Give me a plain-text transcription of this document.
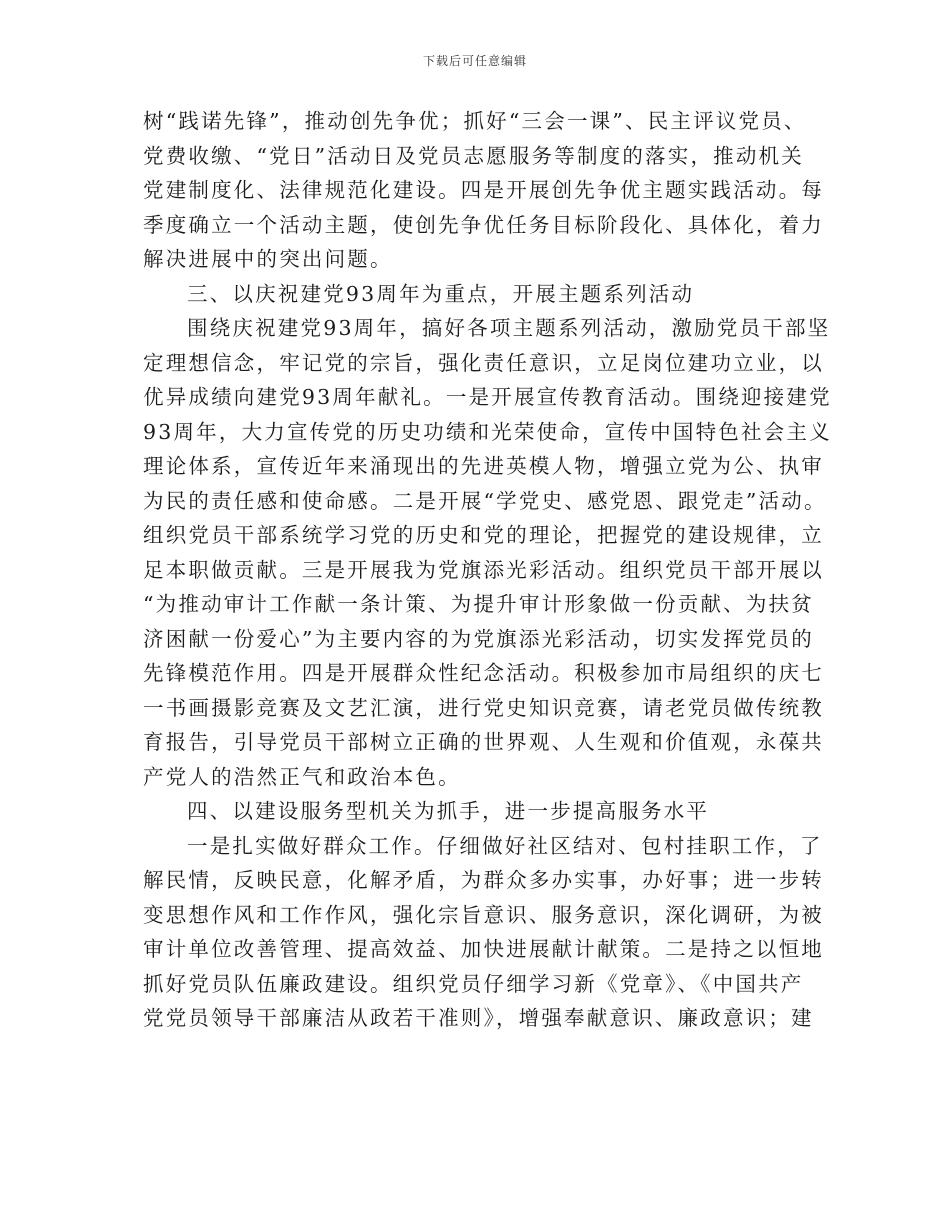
下载后可任意编辑
树“践诺先锋”，推动创先争优；抓好“三会一课”、民主评议党员、
党费收缴、“党日”活动日及党员志愿服务等制度的落实，推动机关
党建制度化、法律规范化建设。四是开展创先争优主题实践活动。每
季度确立一个活动主题，使创先争优任务目标阶段化、具体化，着力
解决进展中的突出问题。
三、以庆祝建党93周年为重点，开展主题系列活动
围绕庆祝建党93周年，搞好各项主题系列活动，激励党员干部坚
定理想信念，牢记党的宗旨，强化责任意识，立足岗位建功立业，以
优异成绩向建党93周年献礼。一是开展宣传教育活动。围绕迎接建党
93周年，大力宣传党的历史功绩和光荣使命，宣传中国特色社会主义
理论体系，宣传近年来涌现出的先进英模人物，增强立党为公、执审
为民的责任感和使命感。二是开展“学党史、感党恩、跟党走”活动。
组织党员干部系统学习党的历史和党的理论，把握党的建设规律，立
足本职做贡献。三是开展我为党旗添光彩活动。组织党员干部开展以
“为推动审计工作献一条计策、为提升审计形象做一份贡献、为扶贫
济困献一份爱心”为主要内容的为党旗添光彩活动，切实发挥党员的
先锋模范作用。四是开展群众性纪念活动。积极参加市局组织的庆七
一书画摄影竞赛及文艺汇演，进行党史知识竞赛，请老党员做传统教
育报告，引导党员干部树立正确的世界观、人生观和价值观，永葆共
产党人的浩然正气和政治本色。
四、以建设服务型机关为抓手，进一步提高服务水平
一是扎实做好群众工作。仔细做好社区结对、包村挂职工作，了
解民情，反映民意，化解矛盾，为群众多办实事，办好事；进一步转
变思想作风和工作作风，强化宗旨意识、服务意识，深化调研，为被
审计单位改善管理、提高效益、加快进展献计献策。二是持之以恒地
抓好党员队伍廉政建设。组织党员仔细学习新《党章》、《中国共产
党党员领导干部廉洁从政若干准则》，增强奉献意识、廉政意识；建
